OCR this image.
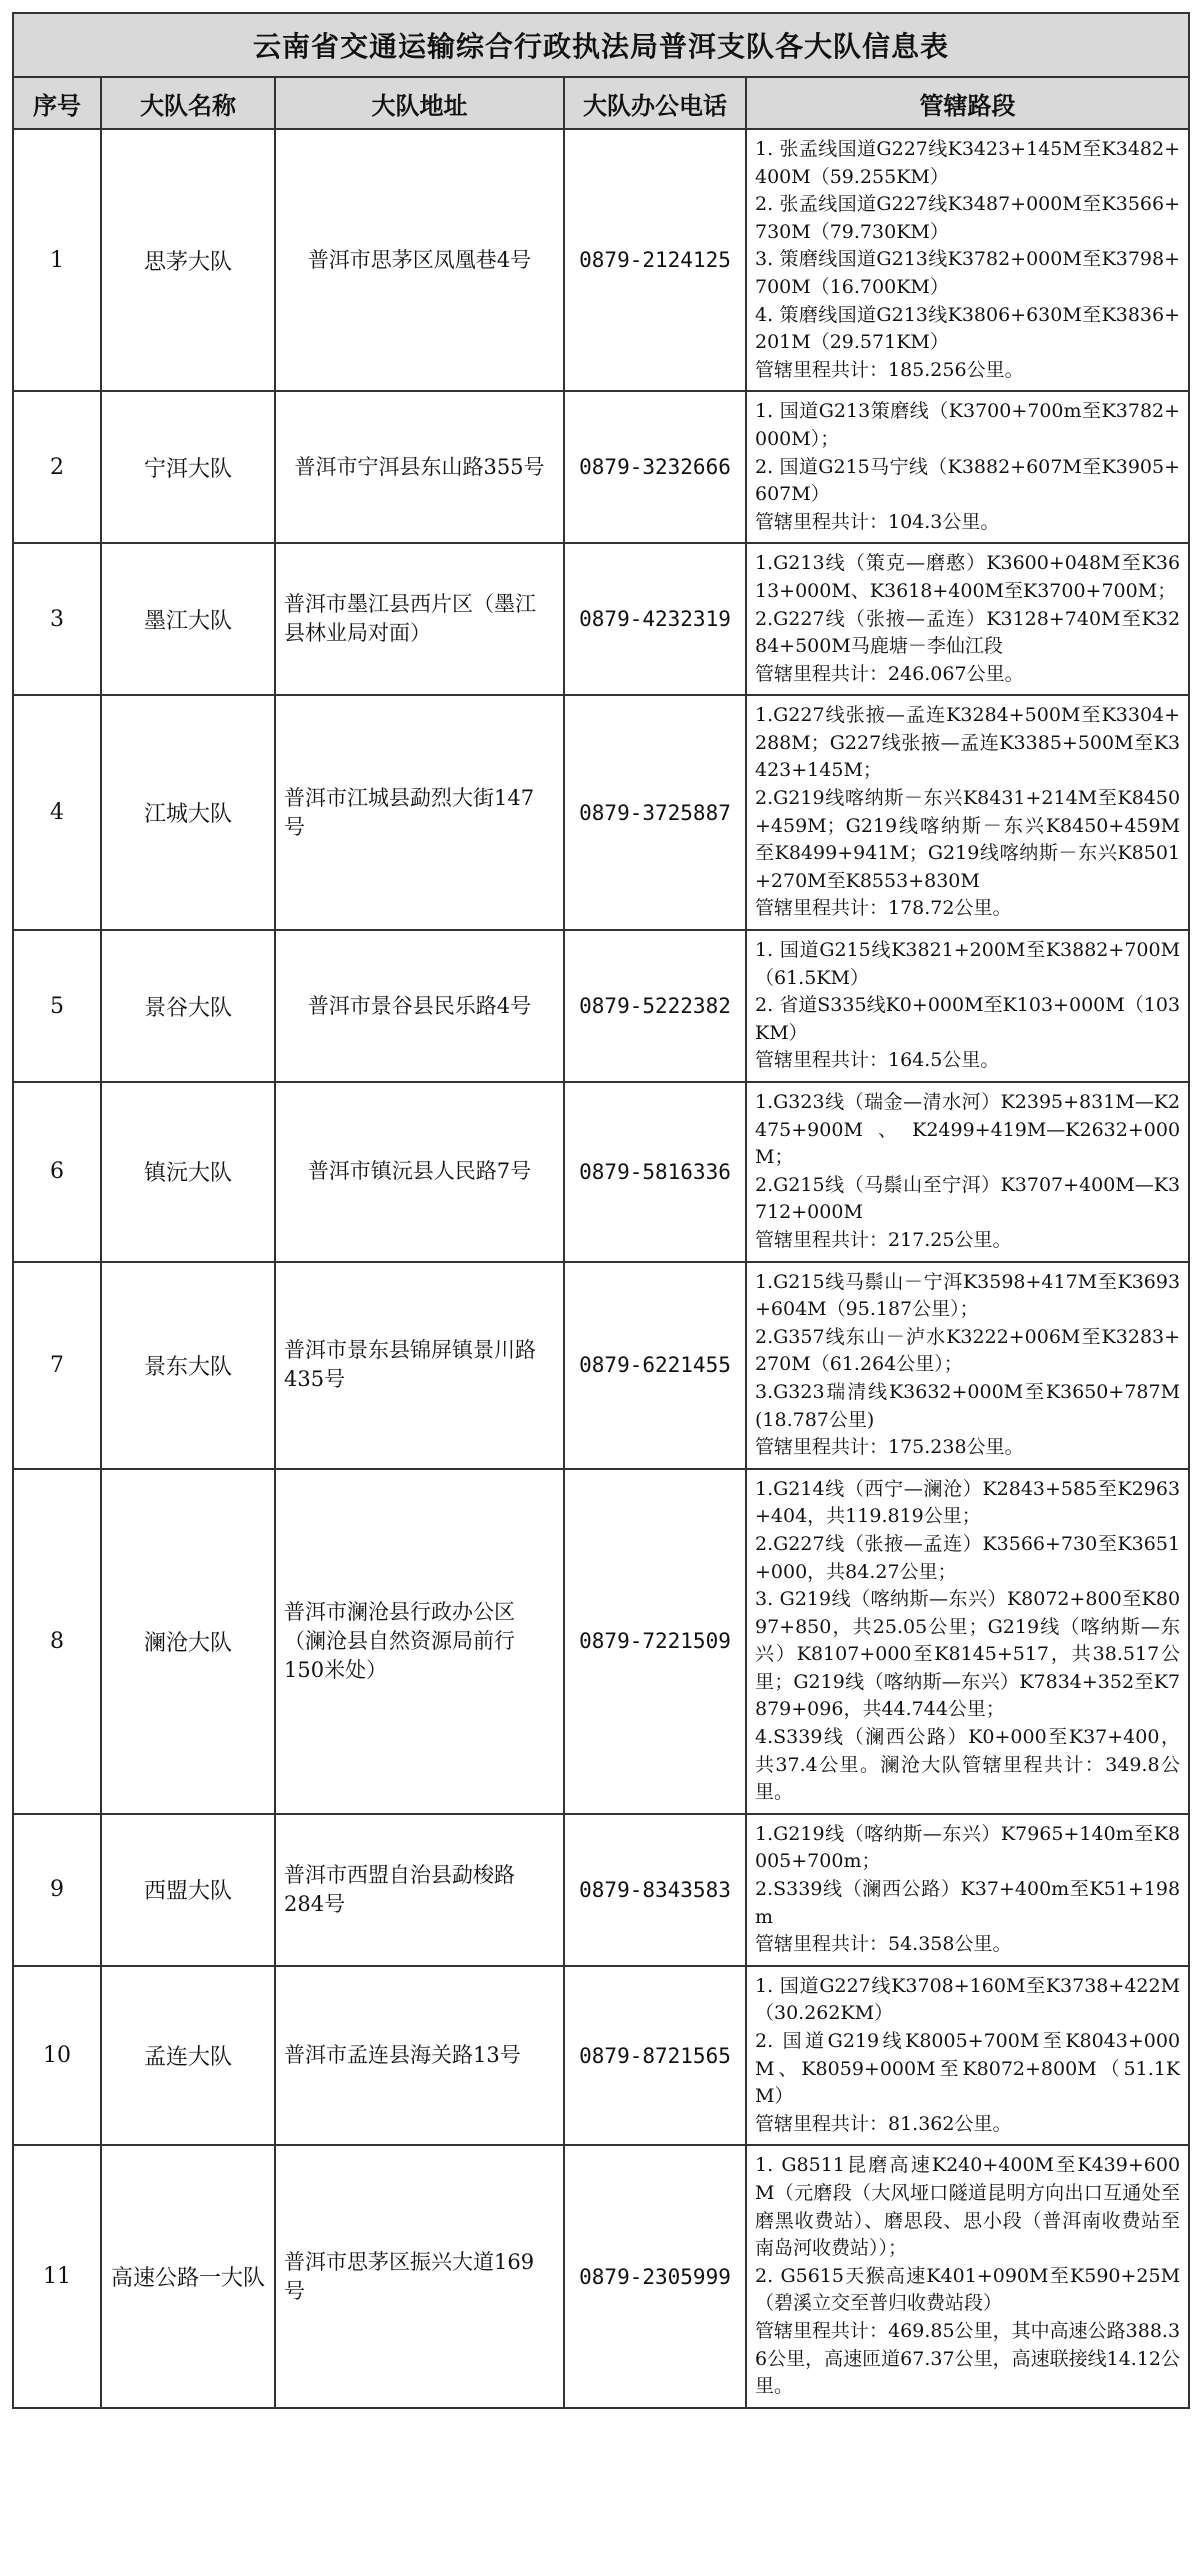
云南省交通运输综合行政执法局普洱支队各大队信息表				
序号	大队名称	大队地址	大队办公电话	管辖路段
1	思茅大队	普洱市思茅区凤凰巷4号	0879-2124125	1. 张孟线国道G227线K3423+145M至K3482+400M（59.255KM）
2. 张孟线国道G227线K3487+000M至K3566+730M（79.730KM）
3. 策磨线国道G213线K3782+000M至K3798+700M（16.700KM）
4. 策磨线国道G213线K3806+630M至K3836+201M（29.571KM）
管辖里程共计：185.256公里。

2	宁洱大队	普洱市宁洱县东山路355号	0879-3232666	1. 国道G213策磨线（K3700+700m至K3782+000M）；
2. 国道G215马宁线（K3882+607M至K3905+607M）
管辖里程共计：104.3公里。

3	墨江大队	普洱市墨江县西片区（墨江县林业局对面）	0879-4232319	1.G213线（策克—磨憨）K3600+048M至K3613+000M、K3618+400M至K3700+700M；
2.G227线（张掖—孟连）K3128+740M至K3284+500M马鹿塘－李仙江段
管辖里程共计：246.067公里。

4	江城大队	普洱市江城县勐烈大街147号	0879-3725887	1.G227线张掖—孟连K3284+500M至K3304+288M；G227线张掖—孟连K3385+500M至K3423+145M；
2.G219线喀纳斯－东兴K8431+214M至K8450+459M；G219线喀纳斯－东兴K8450+459M至K8499+941M；G219线喀纳斯－东兴K8501+270M至K8553+830M
管辖里程共计：178.72公里。

5	景谷大队	普洱市景谷县民乐路4号	0879-5222382	1. 国道G215线K3821+200M至K3882+700M（61.5KM）
2. 省道S335线K0+000M至K103+000M（103KM）
管辖里程共计：164.5公里。

6	镇沅大队	普洱市镇沅县人民路7号	0879-5816336	1.G323线（瑞金—清水河）K2395+831M—K2475+900M、K2499+419M—K2632+000M；
2.G215线（马鬃山至宁洱）K3707+400M—K3712+000M
管辖里程共计：217.25公里。

7	景东大队	普洱市景东县锦屏镇景川路435号	0879-6221455	1.G215线马鬃山－宁洱K3598+417M至K3693+604M（95.187公里）；
2.G357线东山－泸水K3222+006M至K3283+270M（61.264公里）；
3.G323瑞清线K3632+000M至K3650+787M(18.787公里)
管辖里程共计：175.238公里。

8	澜沧大队	普洱市澜沧县行政办公区（澜沧县自然资源局前行150米处）	0879-7221509	1.G214线（西宁—澜沧）K2843+585至K2963+404，共119.819公里；
2.G227线（张掖—孟连）K3566+730至K3651+000，共84.27公里；
3. G219线（喀纳斯—东兴）K8072+800至K8097+850，共25.05公里；G219线（喀纳斯—东兴）K8107+000至K8145+517，共38.517公里；G219线（喀纳斯—东兴）K7834+352至K7879+096，共44.744公里；
4.S339线（澜西公路）K0+000至K37+400，共37.4公里。澜沧大队管辖里程共计：349.8公里。

9	西盟大队	普洱市西盟自治县勐梭路284号	0879-8343583	1.G219线（喀纳斯—东兴）K7965+140m至K8005+700m；
2.S339线（澜西公路）K37+400m至K51+198m
管辖里程共计：54.358公里。

10	孟连大队	普洱市孟连县海关路13号	0879-8721565	1. 国道G227线K3708+160M至K3738+422M（30.262KM）
2. 国道G219线K8005+700M至K8043+000M、K8059+000M至K8072+800M（51.1KM）
管辖里程共计：81.362公里。

11	高速公路一大队	普洱市思茅区振兴大道169号	0879-2305999	1. G8511昆磨高速K240+400M至K439+600M（元磨段（大风垭口隧道昆明方向出口互通处至磨黑收费站）、磨思段、思小段（普洱南收费站至南岛河收费站））；
2. G5615天猴高速K401+090M至K590+25M（碧溪立交至普归收费站段）
管辖里程共计：469.85公里，其中高速公路388.36公里，高速匝道67.37公里，高速联接线14.12公里。
